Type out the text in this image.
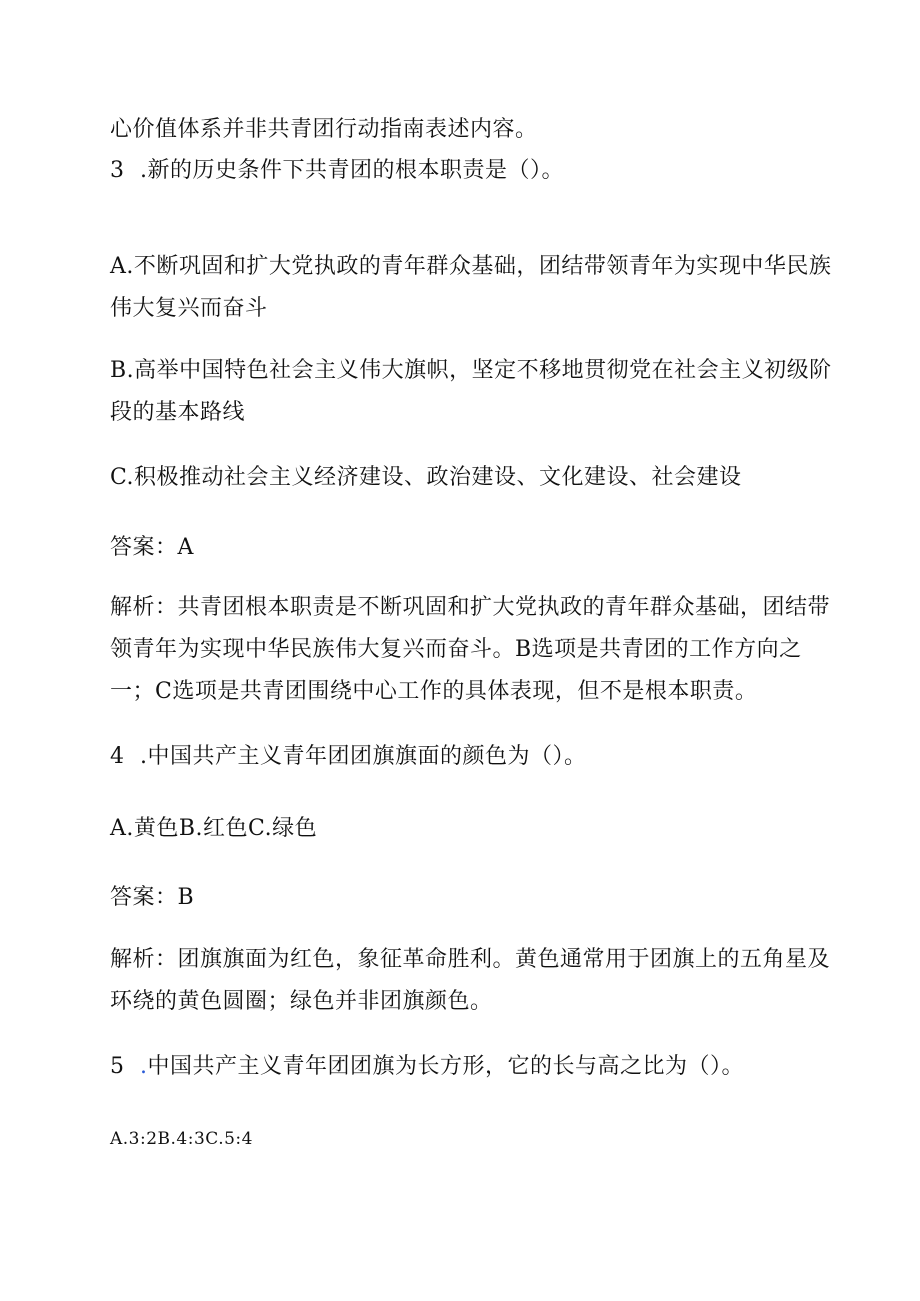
心价值体系并非共青团行动指南表述内容。
3 .新的历史条件下共青团的根本职责是（）。
A.不断巩固和扩大党执政的青年群众基础，团结带领青年为实现中华民族
伟大复兴而奋斗
B.高举中国特色社会主义伟大旗帜，坚定不移地贯彻党在社会主义初级阶
段的基本路线
C.积极推动社会主义经济建设、政治建设、文化建设、社会建设
答案：A
解析：共青团根本职责是不断巩固和扩大党执政的青年群众基础，团结带
领青年为实现中华民族伟大复兴而奋斗。B选项是共青团的工作方向之
一；C选项是共青团围绕中心工作的具体表现，但不是根本职责。
4 .中国共产主义青年团团旗旗面的颜色为（）。
A.黄色B.红色C.绿色
答案：B
解析：团旗旗面为红色，象征革命胜利。黄色通常用于团旗上的五角星及
环绕的黄色圆圈；绿色并非团旗颜色。
5 .中国共产主义青年团团旗为长方形，它的长与高之比为（）。
A.3:2B.4:3C.5:4
